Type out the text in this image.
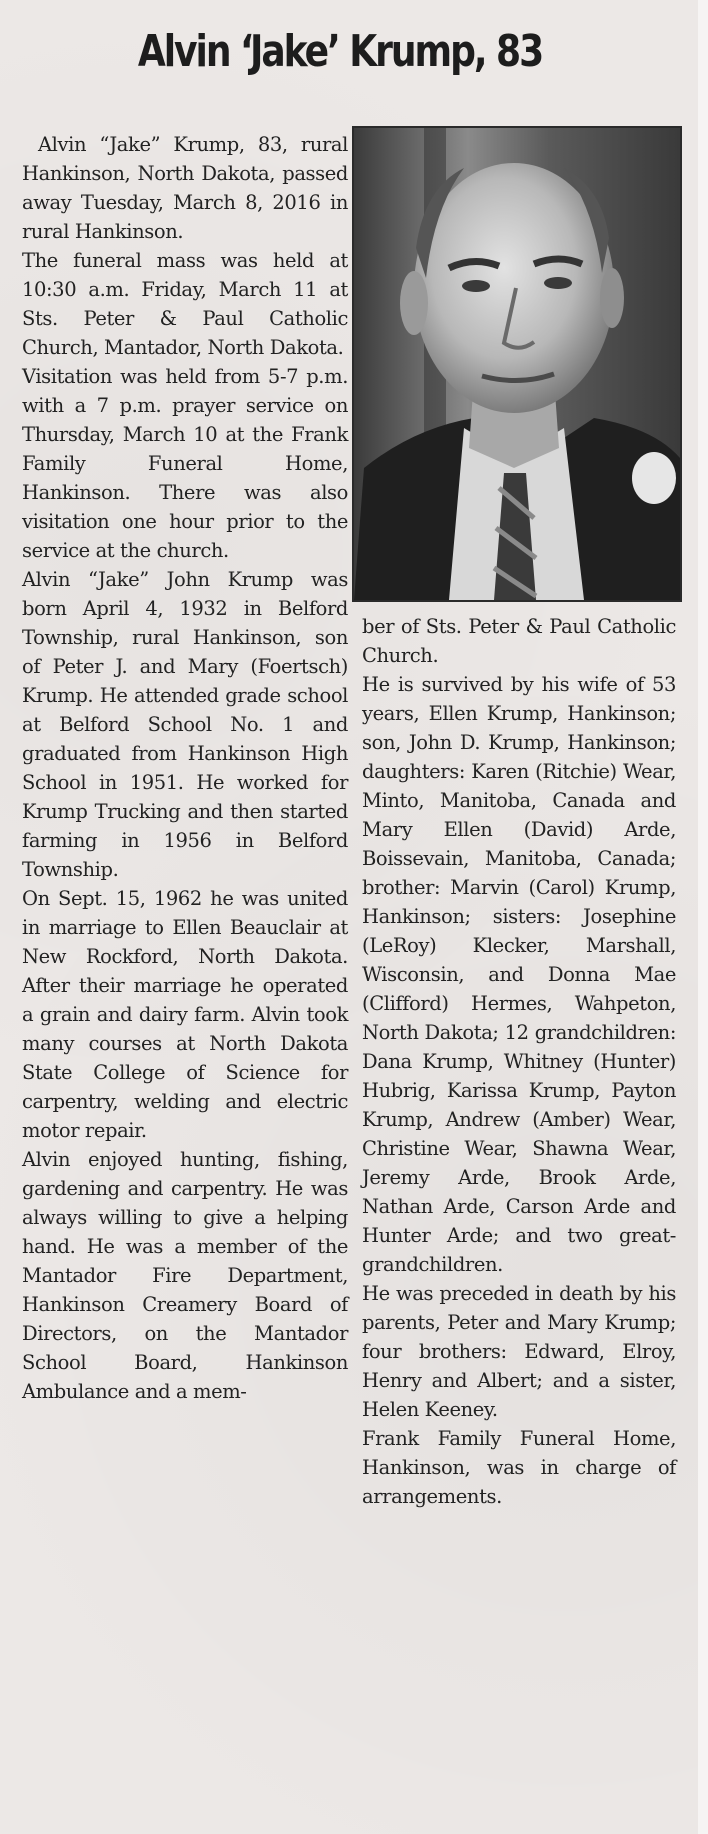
Alvin ‘Jake’ Krump, 83

Alvin “Jake” Krump, 83, rural Hankinson, North Dakota, passed away Tuesday, March 8, 2016 in rural Hankinson.

The funeral mass was held at 10:30 a.m. Friday, March 11 at Sts. Peter & Paul Catholic Church, Mantador, North Dakota.

Visitation was held from 5-7 p.m. with a 7 p.m. prayer service on Thursday, March 10 at the Frank Family Funeral Home, Hankinson. There was also visitation one hour prior to the service at the church.

Alvin “Jake” John Krump was born April 4, 1932 in Belford Township, rural Hankinson, son of Peter J. and Mary (Foertsch) Krump. He attended grade school at Belford School No. 1 and graduated from Hankinson High School in 1951. He worked for Krump Trucking and then started farming in 1956 in Belford Township.

On Sept. 15, 1962 he was united in marriage to Ellen Beauclair at New Rockford, North Dakota. After their marriage he operated a grain and dairy farm. Alvin took many courses at North Dakota State College of Science for carpentry, welding and electric motor repair.

Alvin enjoyed hunting, fishing, gardening and carpentry. He was always willing to give a helping hand. He was a member of the Mantador Fire Department, Hankinson Creamery Board of Directors, on the Mantador School Board, Hankinson Ambulance and a mem-

ber of Sts. Peter & Paul Catholic Church.

He is survived by his wife of 53 years, Ellen Krump, Hankinson; son, John D. Krump, Hankinson; daughters: Karen (Ritchie) Wear, Minto, Manitoba, Canada and Mary Ellen (David) Arde, Boissevain, Manitoba, Canada; brother: Marvin (Carol) Krump, Hankinson; sisters: Josephine (LeRoy) Klecker, Marshall, Wisconsin, and Donna Mae (Clifford) Hermes, Wahpeton, North Dakota; 12 grandchildren: Dana Krump, Whitney (Hunter) Hubrig, Karissa Krump, Payton Krump, Andrew (Amber) Wear, Christine Wear, Shawna Wear, Jeremy Arde, Brook Arde, Nathan Arde, Carson Arde and Hunter Arde; and two great-grandchildren.

He was preceded in death by his parents, Peter and Mary Krump; four brothers: Edward, Elroy, Henry and Albert; and a sister, Helen Keeney.

Frank Family Funeral Home, Hankinson, was in charge of arrangements.
